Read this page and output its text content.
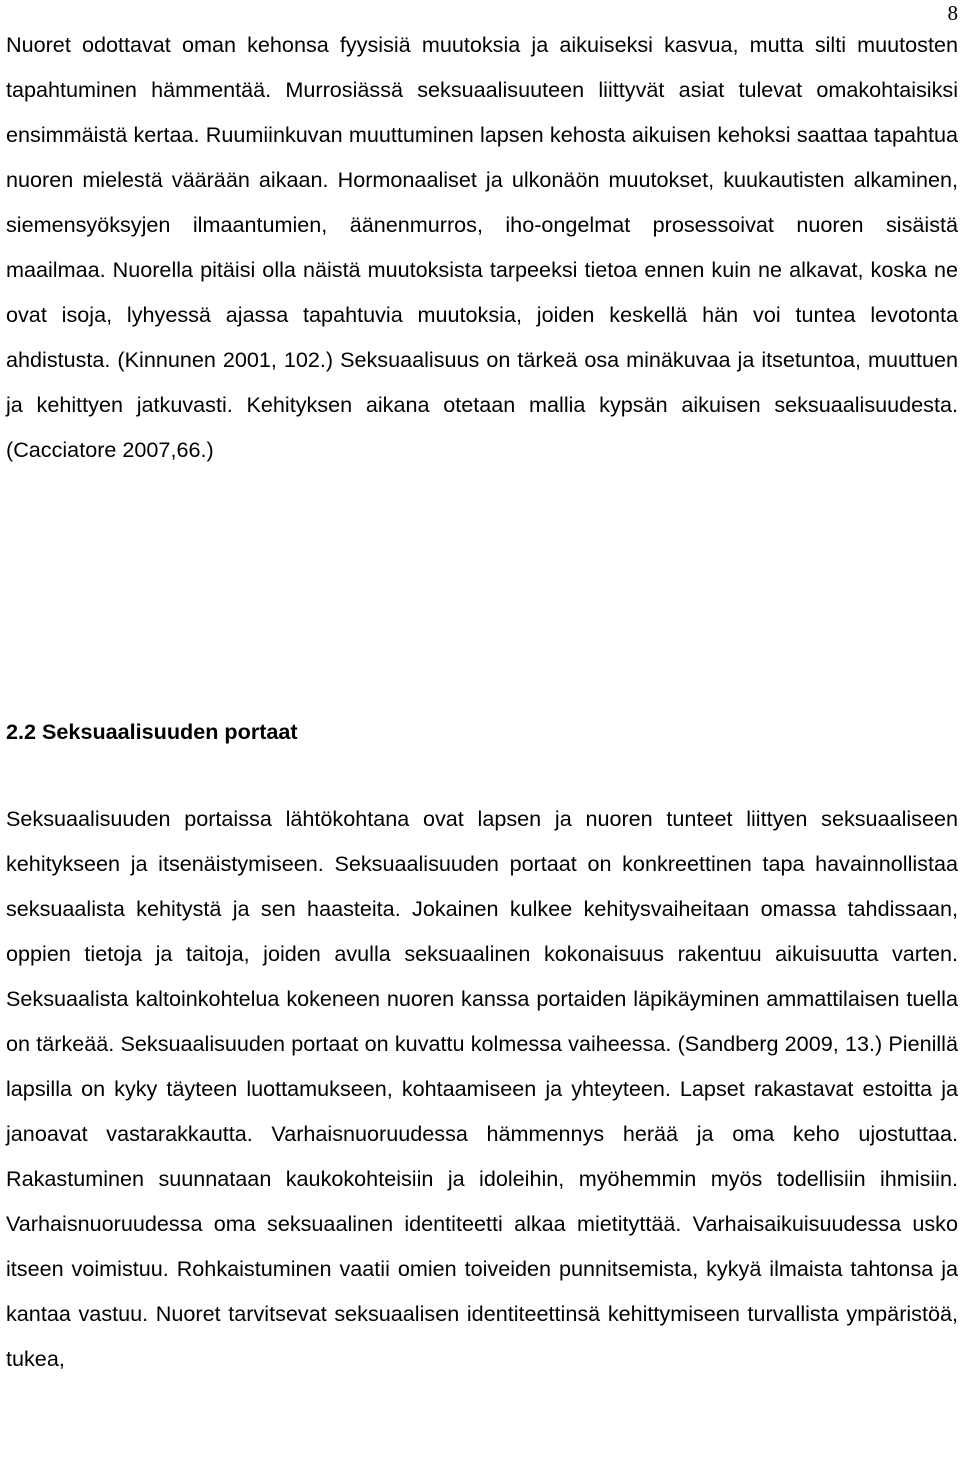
8

Nuoret odottavat oman kehonsa fyysisiä muutoksia ja aikuiseksi kasvua, mutta silti muutosten tapahtuminen hämmentää. Murrosiässä seksuaalisuuteen liittyvät asiat tulevat omakohtaisiksi ensimmäistä kertaa. Ruumiinkuvan muuttuminen lapsen kehosta aikuisen kehoksi saattaa tapahtua nuoren mielestä väärään aikaan. Hormonaaliset ja ulkonäön muutokset, kuukautisten alkaminen, siemensyöksyjen ilmaantumien, äänenmurros, iho-ongelmat prosessoivat nuoren sisäistä maailmaa. Nuorella pitäisi olla näistä muutoksista tarpeeksi tietoa ennen kuin ne alkavat, koska ne ovat isoja, lyhyessä ajassa tapahtuvia muutoksia, joiden keskellä hän voi tuntea levotonta ahdistusta. (Kinnunen 2001, 102.) Seksuaalisuus on tärkeä osa minäkuvaa ja itsetuntoa, muuttuen ja kehittyen jatkuvasti. Kehityksen aikana otetaan mallia kypsän aikuisen seksuaalisuudesta. (Cacciatore 2007,66.)

2.2 Seksuaalisuuden portaat

Seksuaalisuuden portaissa lähtökohtana ovat lapsen ja nuoren tunteet liittyen seksuaaliseen kehitykseen ja itsenäistymiseen. Seksuaalisuuden portaat on konkreettinen tapa havainnollistaa seksuaalista kehitystä ja sen haasteita. Jokainen kulkee kehitysvaiheitaan omassa tahdissaan, oppien tietoja ja taitoja, joiden avulla seksuaalinen kokonaisuus rakentuu aikuisuutta varten. Seksuaalista kaltoinkohtelua kokeneen nuoren kanssa portaiden läpikäyminen ammattilaisen tuella on tärkeää. Seksuaalisuuden portaat on kuvattu kolmessa vaiheessa. (Sandberg 2009, 13.) Pienillä lapsilla on kyky täyteen luottamukseen, kohtaamiseen ja yhteyteen. Lapset rakastavat estoitta ja janoavat vastarakkautta. Varhaisnuoruudessa hämmennys herää ja oma keho ujostuttaa. Rakastuminen suunnataan kaukokohteisiin ja idoleihin, myöhemmin myös todellisiin ihmisiin. Varhaisnuoruudessa oma seksuaalinen identiteetti alkaa mietityttää. Varhaisaikuisuudessa usko itseen voimistuu. Rohkaistuminen vaatii omien toiveiden punnitsemista, kykyä ilmaista tahtonsa ja kantaa vastuu. Nuoret tarvitsevat seksuaalisen identiteettinsä kehittymiseen turvallista ympäristöä, tukea,
